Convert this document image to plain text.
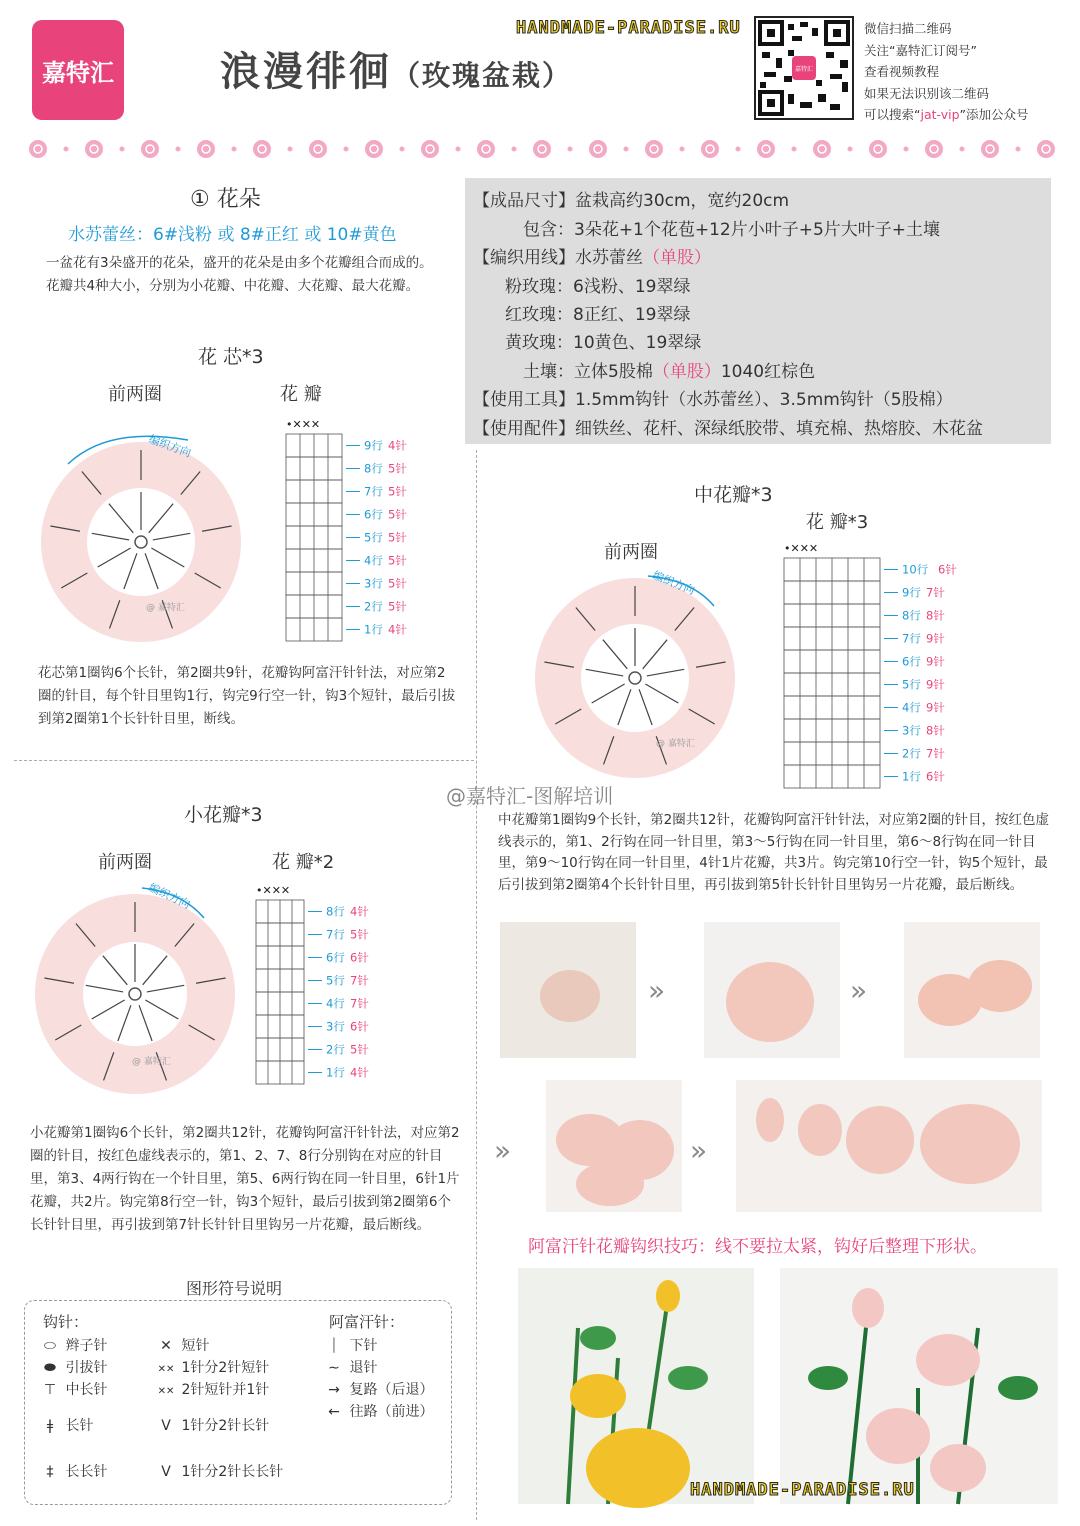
嘉特汇	浪漫徘徊（玫瑰盆栽）
HANDMADE-PARADISE.RU
嘉特汇
微信扫描二维码
关注“嘉特汇订阅号”
查看视频教程
如果无法识别该二维码
可以搜索“jat-vip”添加公众号
【成品尺寸】盆栽高约30cm，宽约20cm
包含：3朵花+1个花苞+12片小叶子+5片大叶子+土壤
【编织用线】水苏蕾丝（单股）
粉玫瑰：6浅粉、19翠绿
红玫瑰：8正红、19翠绿
黄玫瑰：10黄色、19翠绿
土壤：立体5股棉（单股）1040红棕色
【使用工具】1.5mm钩针（水苏蕾丝）、3.5mm钩针（5股棉）
【使用配件】细铁丝、花杆、深绿纸胶带、填充棉、热熔胶、木花盆
① 花朵
水苏蕾丝：6#浅粉 或 8#正红 或 10#黄色
一盆花有3朵盛开的花朵，盛开的花朵是由多个花瓣组合而成的。花瓣共4种大小，分别为小花瓣、中花瓣、大花瓣、最大花瓣。
花 芯*3
前两圈	花 瓣
编织方向
@ 嘉特汇
•✕✕✕
9行 4针
8行 5针
7行 5针
6行 5针
5行 5针
4行 5针
3行 5针
2行 5针
1行 4针
花芯第1圈钩6个长针，第2圈共9针，花瓣钩阿富汗针针法，对应第2圈的针目，每个针目里钩1行，钩完9行空一针，钩3个短针，最后引拔到第2圈第1个长针针目里，断线。
小花瓣*3
前两圈	花 瓣*2
编织方向
@ 嘉特汇
•✕✕✕
8行 4针
7行 5针
6行 6针
5行 7针
4行 7针
3行 6针
2行 5针
1行 4针
小花瓣第1圈钩6个长针，第2圈共12针，花瓣钩阿富汗针针法，对应第2圈的针目，按红色虚线表示的，第1、2、7、8行分别钩在对应的针目里，第3、4两行钩在一个针目里，第5、6两行钩在同一针目里，6针1片花瓣，共2片。钩完第8行空一针，钩3个短针，最后引拔到第2圈第6个长针针目里，再引拔到第7针长针针目里钩另一片花瓣，最后断线。
中花瓣*3
花 瓣*3
前两圈
编织方向
@ 嘉特汇
•✕✕✕
10行 6针
9行 7针
8行 8针
7行 9针
6行 9针
5行 9针
4行 9针
3行 8针
2行 7针
1行 6针
@嘉特汇-图解培训
中花瓣第1圈钩9个长针，第2圈共12针，花瓣钩阿富汗针针法，对应第2圈的针目，按红色虚线表示的，第1、2行钩在同一针目里，第3～5行钩在同一针目里，第6～8行钩在同一针目里，第9～10行钩在同一针目里，4针1片花瓣，共3片。钩完第10行空一针，钩5个短针，最后引拔到第2圈第4个长针针目里，再引拔到第5针长针针目里钩另一片花瓣，最后断线。
»	»
»	»
阿富汗针花瓣钩织技巧：线不要拉太紧，钩好后整理下形状。
HANDMADE-PARADISE.RU
图形符号说明
钩针：	阿富汗针：
⬭ 辫子针
⬬ 引拔针
⊤ 中长针
ǂ 长针
‡ 长长针
✕ 短针
✕✕ 1针分2针短针
✕✕ 2针短针并1针
V 1针分2针长针
V 1针分2针长长针
⏐ 下针
∼ 退针
→ 复路（后退）
← 往路（前进）
